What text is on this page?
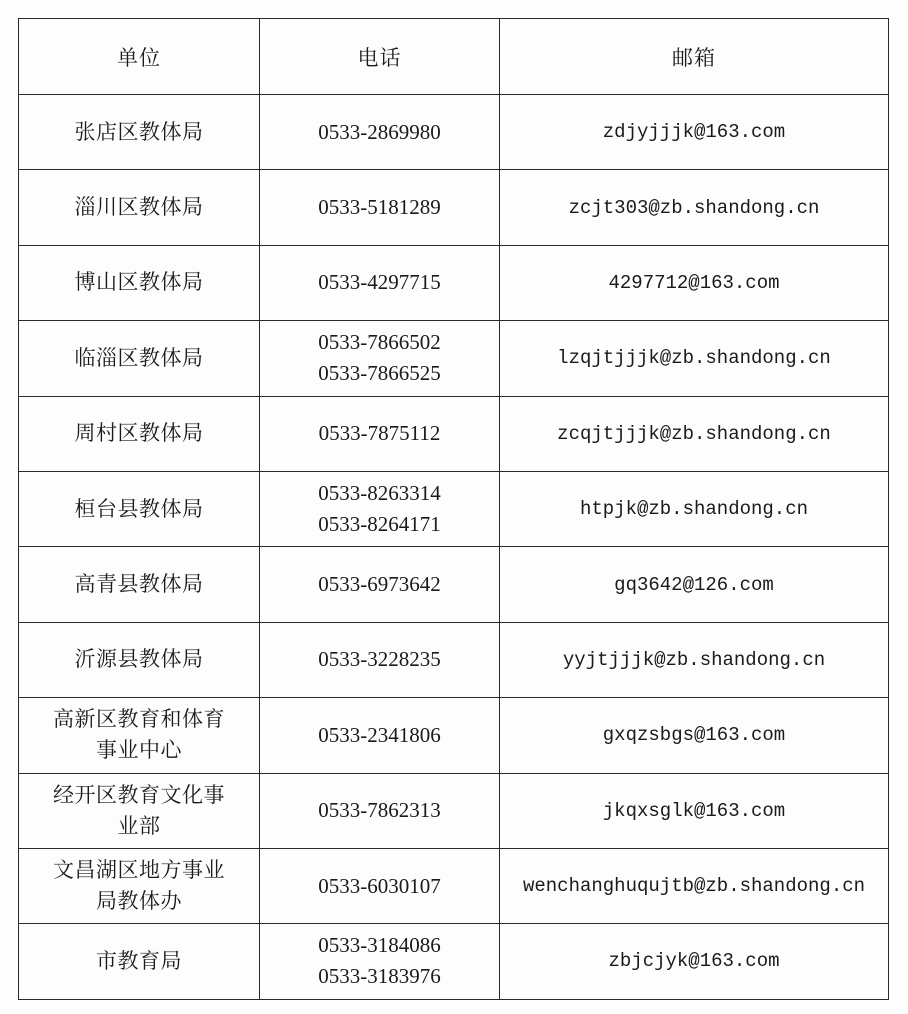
单位	电话	邮箱

张店区教体局	0533-2869980	zdjyjjjk@163.com

淄川区教体局	0533-5181289	zcjt303@zb.shandong.cn

博山区教体局	0533-4297715	4297712@163.com

临淄区教体局	0533-7866502
0533-7866525	lzqjtjjjk@zb.shandong.cn

周村区教体局	0533-7875112	zcqjtjjjk@zb.shandong.cn

桓台县教体局	0533-8263314
0533-8264171	htpjk@zb.shandong.cn

高青县教体局	0533-6973642	gq3642@126.com

沂源县教体局	0533-3228235	yyjtjjjk@zb.shandong.cn

高新区教育和体育
事业中心	0533-2341806	gxqzsbgs@163.com

经开区教育文化事
业部	0533-7862313	jkqxsglk@163.com

文昌湖区地方事业
局教体办	0533-6030107	wenchanghuqujtb@zb.shandong.cn

市教育局	0533-3184086
0533-3183976	zbjcjyk@163.com
